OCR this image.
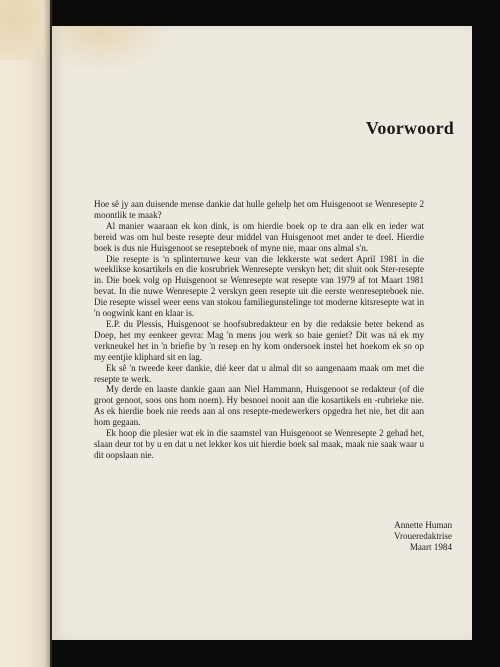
Voorwoord

Hoe sê jy aan duisende mense dankie dat hulle gehelp het om Huisgenoot se Wenresepte 2 moontlik te maak?

Al manier waaraan ek kon dink, is om hierdie boek op te dra aan elk en ieder wat bereid was om hul beste resepte deur middel van Huisgenoot met ander te deel. Hierdie boek is dus nie Huisgenoot se resepteboek of myne nie, maar ons almal s'n.

Die resepte is 'n splinternuwe keur van die lekkerste wat sedert April 1981 in die weeklikse kosartikels en die kosrubriek Wenresepte verskyn het; dit sluit ook Ster-resepte in. Die boek volg op Huisgenoot se Wenresepte wat resepte van 1979 af tot Maart 1981 bevat. In die nuwe Wenresepte 2 verskyn geen resepte uit die eerste wenresepteboek nie. Die resepte wissel weer eens van stokou familiegunstelinge tot moderne kitsresepte wat in 'n oogwink kant en klaar is.

E.P. du Plessis, Huisgenoot se hoofsubredakteur en by die redaksie beter bekend as Doep, het my eenkeer gevra: Mag 'n mens jou werk so baie geniet? Dit was ná ek my verkneukel het in 'n briefie by 'n resep en hy kom ondersoek instel het hoekom ek so op my eentjie kliphard sit en lag.

Ek sê 'n tweede keer dankie, dié keer dat u almal dit so aangenaam maak om met die resepte te werk.

My derde en laaste dankie gaan aan Niel Hammann, Huisgenoot se redakteur (of die groot genoot, soos ons hom noem). Hy besnoei nooit aan die kosartikels en -rubrieke nie. As ek hierdie boek nie reeds aan al ons resepte-medewerkers opgedra het nie, het dit aan hom gegaan.

Ek hoop die plesier wat ek in die saamstel van Huisgenoot se Wenresepte 2 gehad het, slaan deur tot by u en dat u net lekker kos uit hierdie boek sal maak, maak nie saak waar u dit oopslaan nie.

Annette Human
Vroueredaktrise
Maart 1984
